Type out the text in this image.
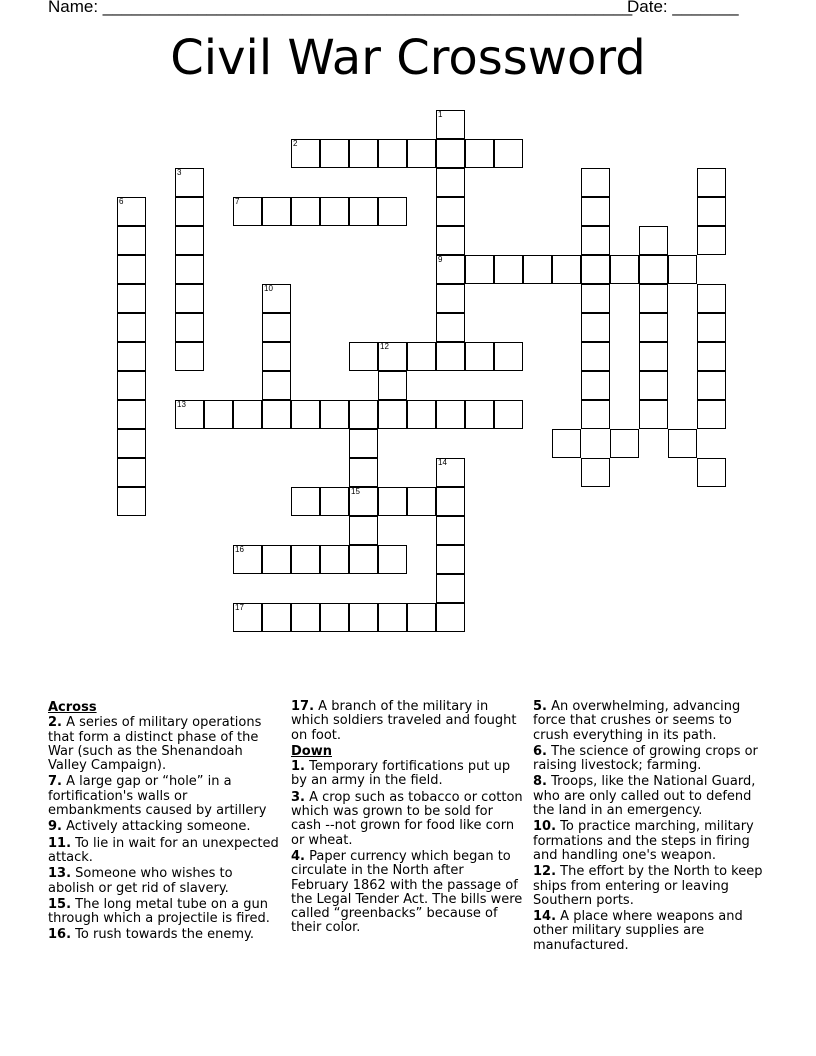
Name: ________________________________________________________
Date: _______
Civil War Crossword
1
2
3
6	7
9
10
12
13
14
15
16
17
Across
2. A series of military operations that form a distinct phase of the War (such as the Shenandoah Valley Campaign).
7. A large gap or “hole” in a fortification's walls or embankments caused by artillery
9. Actively attacking someone.
11. To lie in wait for an unexpected attack.
13. Someone who wishes to abolish or get rid of slavery.
15. The long metal tube on a gun through which a projectile is fired.
16. To rush towards the enemy.
17. A branch of the military in which soldiers traveled and fought on foot.
Down
1. Temporary fortifications put up by an army in the field.
3. A crop such as tobacco or cotton which was grown to be sold for cash --not grown for food like corn or wheat.
4. Paper currency which began to circulate in the North after February 1862 with the passage of the Legal Tender Act. The bills were called “greenbacks” because of their color.
5. An overwhelming, advancing force that crushes or seems to crush everything in its path.
6. The science of growing crops or raising livestock; farming.
8. Troops, like the National Guard, who are only called out to defend the land in an emergency.
10. To practice marching, military formations and the steps in firing and handling one's weapon.
12. The effort by the North to keep ships from entering or leaving Southern ports.
14. A place where weapons and other military supplies are manufactured.
